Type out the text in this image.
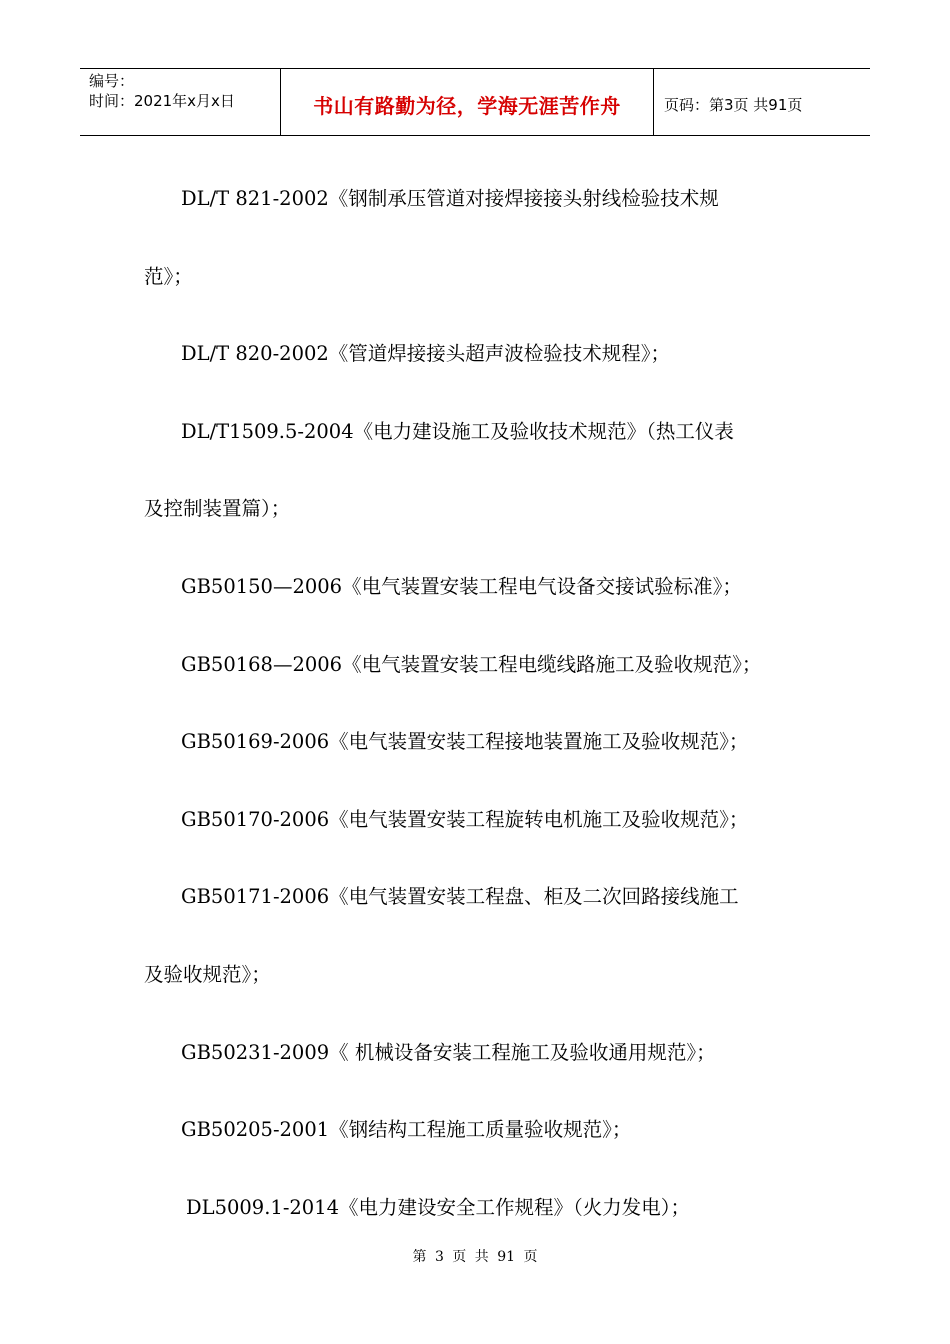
编号：
时间：2021年x月x日	书山有路勤为径，学海无涯苦作舟	页码：第3页 共91页

DL/T 821-2002《钢制承压管道对接焊接接头射线检验技术规
范》；

DL/T 820-2002《管道焊接接头超声波检验技术规程》；

DL/T1509.5-2004《电力建设施工及验收技术规范》（热工仪表
及控制装置篇）；

GB50150—2006《电气装置安装工程电气设备交接试验标准》；

GB50168—2006《电气装置安装工程电缆线路施工及验收规范》；

GB50169-2006《电气装置安装工程接地装置施工及验收规范》；

GB50170-2006《电气装置安装工程旋转电机施工及验收规范》；

GB50171-2006《电气装置安装工程盘、柜及二次回路接线施工
及验收规范》；

GB50231-2009《 机械设备安装工程施工及验收通用规范》；

GB50205-2001《钢结构工程施工质量验收规范》；

DL5009.1-2014《电力建设安全工作规程》（火力发电）；

第 3 页 共 91 页
